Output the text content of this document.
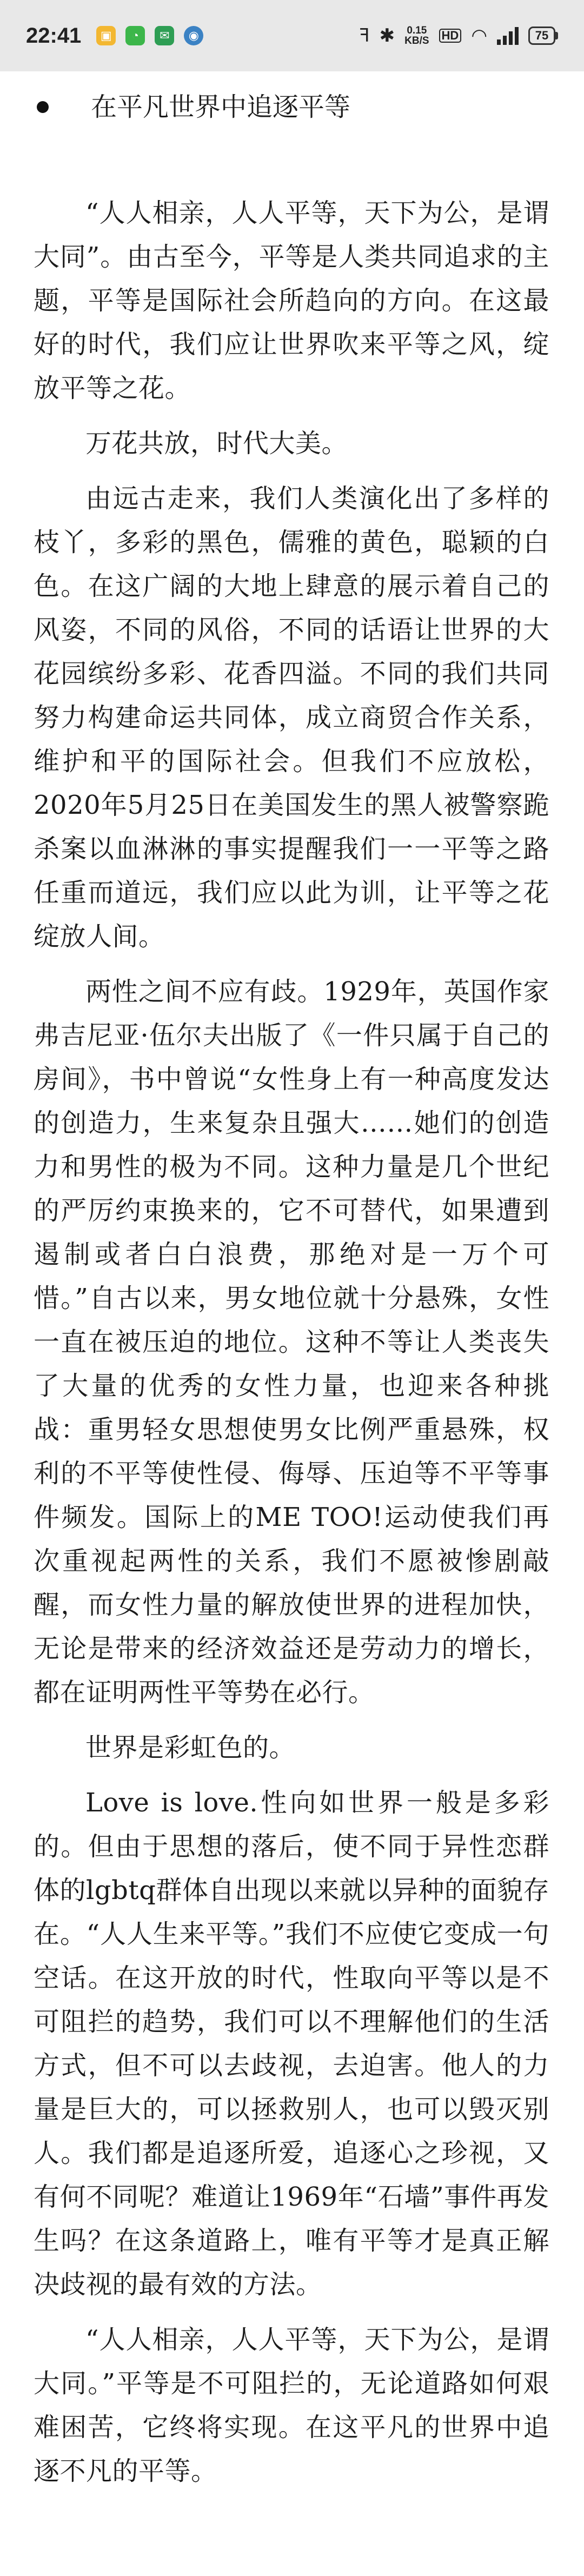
22:41	▣	◔	✉	◉	ꟻ ✱ 0.15
KB/S HD ◠	75
在平凡世界中追逐平等

“人人相亲，人人平等，天下为公，是谓大同”。由古至今，平等是人类共同追求的主题，平等是国际社会所趋向的方向。在这最好的时代，我们应让世界吹来平等之风，绽放平等之花。

万花共放，时代大美。

由远古走来，我们人类演化出了多样的枝丫，多彩的黑色，儒雅的黄色，聪颖的白色。在这广阔的大地上肆意的展示着自己的风姿，不同的风俗，不同的话语让世界的大花园缤纷多彩、花香四溢。不同的我们共同努力构建命运共同体，成立商贸合作关系，维护和平的国际社会。但我们不应放松，2020年5月25日在美国发生的黑人被警察跪杀案以血淋淋的事实提醒我们一一平等之路任重而道远，我们应以此为训，让平等之花绽放人间。

两性之间不应有歧。1929年，英国作家弗吉尼亚·伍尔夫出版了《一件只属于自己的房间》，书中曾说“女性身上有一种高度发达的创造力，生来复杂且强大……她们的创造力和男性的极为不同。这种力量是几个世纪的严厉约束换来的，它不可替代，如果遭到遏制或者白白浪费，那绝对是一万个可惜。”自古以来，男女地位就十分悬殊，女性一直在被压迫的地位。这种不等让人类丧失了大量的优秀的女性力量，也迎来各种挑战：重男轻女思想使男女比例严重悬殊，权利的不平等使性侵、侮辱、压迫等不平等事件频发。国际上的ME TOO!运动使我们再次重视起两性的关系，我们不愿被惨剧敲醒，而女性力量的解放使世界的进程加快，无论是带来的经济效益还是劳动力的增长，都在证明两性平等势在必行。

世界是彩虹色的。

Love is love.性向如世界一般是多彩的。但由于思想的落后，使不同于异性恋群体的lgbtq群体自出现以来就以异种的面貌存在。“人人生来平等。”我们不应使它变成一句空话。在这开放的时代，性取向平等以是不可阻拦的趋势，我们可以不理解他们的生活方式，但不可以去歧视，去迫害。他人的力量是巨大的，可以拯救别人，也可以毁灭别人。我们都是追逐所爱，追逐心之珍视，又有何不同呢？难道让1969年“石墙”事件再发生吗？在这条道路上，唯有平等才是真正解决歧视的最有效的方法。

“人人相亲，人人平等，天下为公，是谓大同。”平等是不可阻拦的，无论道路如何艰难困苦，它终将实现。在这平凡的世界中追逐不凡的平等。
